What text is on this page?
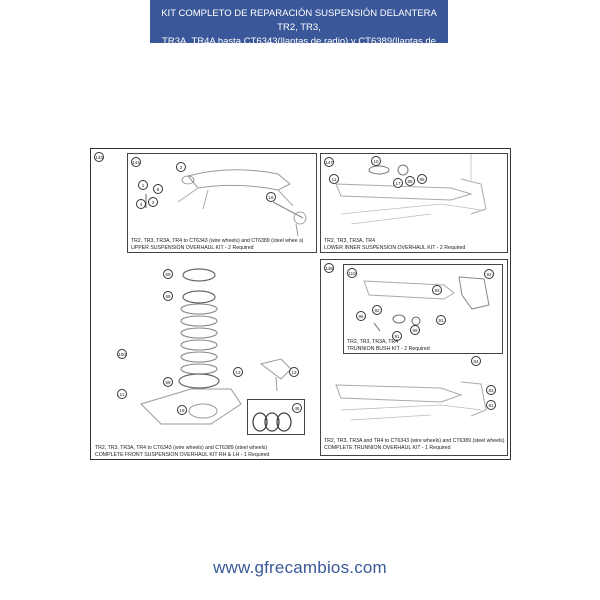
KIT COMPLETO DE REPARACIÓN SUSPENSIÓN DELANTERA TR2, TR3,
TR3A, TR4A hasta CT6343(llantas de radio) y CT6389(llantas de accero)
143
144
2
1
4	3
5
16
TR2, TR3, TR3A, TR4 to CT6343 (wire wheels) and CT6389 (steel whee s)
UPPER SUSPENSION OVERHAUL KIT - 2 Required
147	10
11
17	85	95
TR2, TR3, TR3A, TR4
LOWER INNER SUSPENSION OVERHAUL KIT - 2 Required
69
69
69
100
11
13	13
19
TR2, TR3, TR3A, TR4 to CT6343 (wire wheels) and CT6389 (steel wheels)
COMPLETE FRONT SUSPENSION OVERHAUL KIT RH & LH - 1 Required
46
148
84
83
81
TR2, TR3, TR3A and TR4 to CT6343 (wire wheels) and CT6389 (steel wheels)
COMPLETE TRUNNION OVERHAUL KIT - 1 Required
110	92
93
96
92
89
91
91
TR2, TR3, TR3A, TR4
TRUNNION BUSH KIT - 2 Required
www.gfrecambios.com
